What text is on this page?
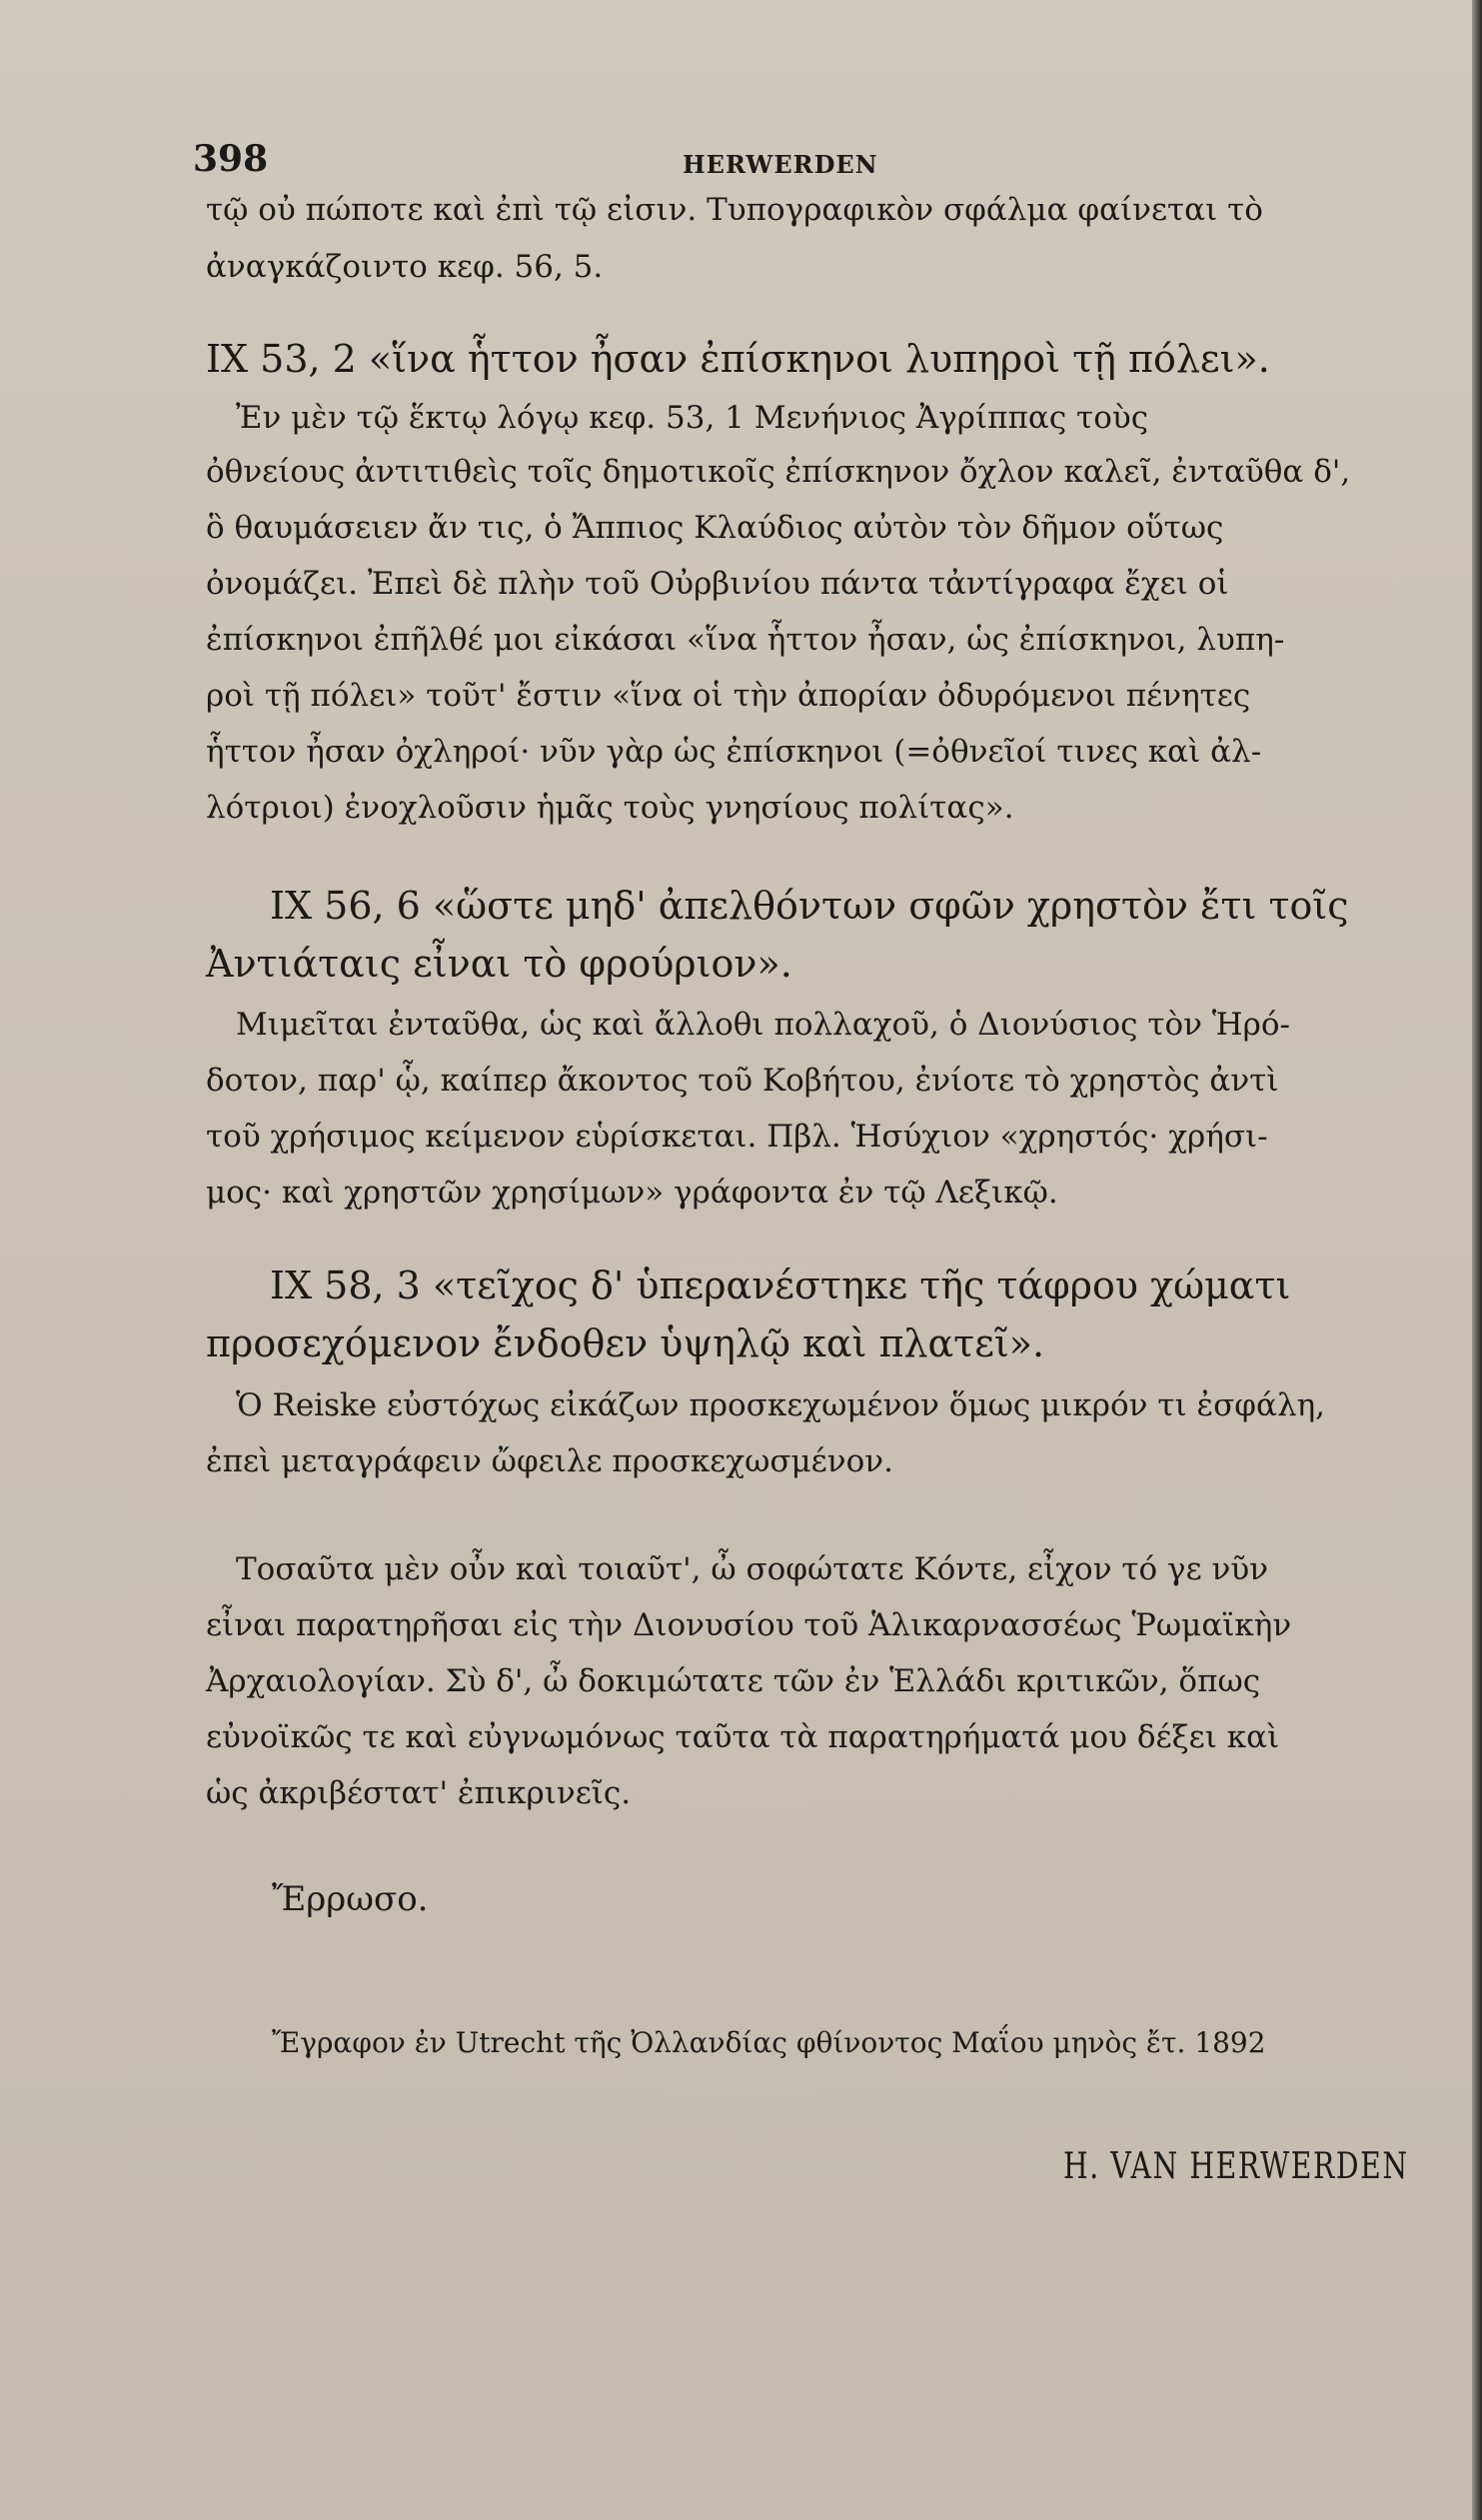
398	HERWERDEN
τῷ οὐ πώποτε καὶ ἐπὶ τῷ εἰσιν. Τυπογραφικὸν σφάλμα φαίνεται τὸ
ἀναγκάζοιντο κεφ. 56, 5.
IX 53, 2 «ἵνα ἧττον ἦσαν ἐπίσκηνοι λυπηροὶ τῇ πόλει».
Ἐν μὲν τῷ ἕκτῳ λόγῳ κεφ. 53, 1 Μενήνιος Ἀγρίππας τοὺς
ὀθνείους ἀντιτιθεὶς τοῖς δημοτικοῖς ἐπίσκηνον ὄχλον καλεῖ, ἐνταῦθα δ',
ὃ θαυμάσειεν ἄν τις, ὁ Ἄππιος Κλαύδιος αὐτὸν τὸν δῆμον οὕτως
ὀνομάζει. Ἐπεὶ δὲ πλὴν τοῦ Οὐρβινίου πάντα τἀντίγραφα ἔχει οἱ
ἐπίσκηνοι ἐπῆλθέ μοι εἰκάσαι «ἵνα ἧττον ἦσαν, ὡς ἐπίσκηνοι, λυπη-
ροὶ τῇ πόλει» τοῦτ' ἔστιν «ἵνα οἱ τὴν ἀπορίαν ὀδυρόμενοι πένητες
ἧττον ἦσαν ὀχληροί· νῦν γὰρ ὡς ἐπίσκηνοι (=ὀθνεῖοί τινες καὶ ἀλ-
λότριοι) ἐνοχλοῦσιν ἡμᾶς τοὺς γνησίους πολίτας».
IX 56, 6 «ὥστε μηδ' ἀπελθόντων σφῶν χρηστὸν ἔτι τοῖς
Ἀντιάταις εἶναι τὸ φρούριον».
Μιμεῖται ἐνταῦθα, ὡς καὶ ἄλλοθι πολλαχοῦ, ὁ Διονύσιος τὸν Ἡρό-
δοτον, παρ' ᾧ, καίπερ ἄκοντος τοῦ Κοβήτου, ἐνίοτε τὸ χρηστὸς ἀντὶ
τοῦ χρήσιμος κείμενον εὑρίσκεται. Πβλ. Ἡσύχιον «χρηστός· χρήσι-
μος· καὶ χρηστῶν χρησίμων» γράφοντα ἐν τῷ Λεξικῷ.
IX 58, 3 «τεῖχος δ' ὑπερανέστηκε τῆς τάφρου χώματι
προσεχόμενον ἔνδοθεν ὑψηλῷ καὶ πλατεῖ».
Ὁ Reiske εὐστόχως εἰκάζων προσκεχωμένον ὅμως μικρόν τι ἐσφάλη,
ἐπεὶ μεταγράφειν ὤφειλε προσκεχωσμένον.
Τοσαῦτα μὲν οὖν καὶ τοιαῦτ', ὦ σοφώτατε Κόντε, εἶχον τό γε νῦν
εἶναι παρατηρῆσαι εἰς τὴν Διονυσίου τοῦ Ἁλικαρνασσέως Ῥωμαϊκὴν
Ἀρχαιολογίαν. Σὺ δ', ὦ δοκιμώτατε τῶν ἐν Ἑλλάδι κριτικῶν, ὅπως
εὐνοϊκῶς τε καὶ εὐγνωμόνως ταῦτα τὰ παρατηρήματά μου δέξει καὶ
ὡς ἀκριβέστατ' ἐπικρινεῖς.
Ἔρρωσο.
Ἔγραφον ἐν Utrecht τῆς Ὀλλανδίας φθίνοντος Μαΐου μηνὸς ἔτ. 1892
H. VAN HERWERDEN
